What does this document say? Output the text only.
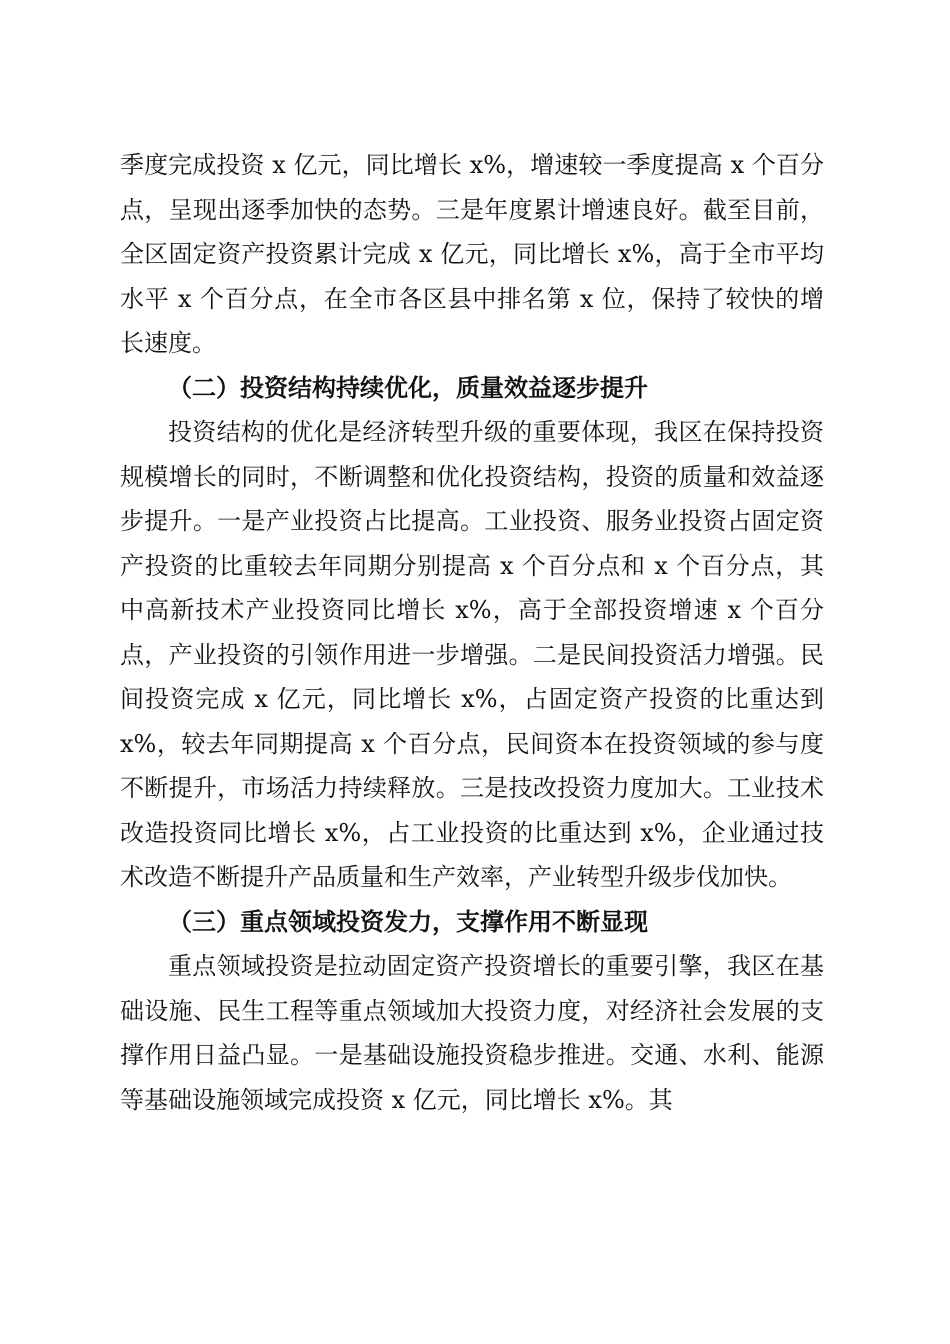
季度完成投资 x 亿元，同比增长 x%，增速较一季度提高 x 个百分点，呈现出逐季加快的态势。三是年度累计增速良好。截至目前，全区固定资产投资累计完成 x 亿元，同比增长 x%，高于全市平均水平 x 个百分点，在全市各区县中排名第 x 位，保持了较快的增长速度。

（二）投资结构持续优化，质量效益逐步提升

投资结构的优化是经济转型升级的重要体现，我区在保持投资规模增长的同时，不断调整和优化投资结构，投资的质量和效益逐步提升。一是产业投资占比提高。工业投资、服务业投资占固定资产投资的比重较去年同期分别提高 x 个百分点和 x 个百分点，其中高新技术产业投资同比增长 x%，高于全部投资增速 x 个百分点，产业投资的引领作用进一步增强。二是民间投资活力增强。民间投资完成 x 亿元，同比增长 x%，占固定资产投资的比重达到 x%，较去年同期提高 x 个百分点，民间资本在投资领域的参与度不断提升，市场活力持续释放。三是技改投资力度加大。工业技术改造投资同比增长 x%，占工业投资的比重达到 x%，企业通过技术改造不断提升产品质量和生产效率，产业转型升级步伐加快。

（三）重点领域投资发力，支撑作用不断显现

重点领域投资是拉动固定资产投资增长的重要引擎，我区在基础设施、民生工程等重点领域加大投资力度，对经济社会发展的支撑作用日益凸显。一是基础设施投资稳步推进。交通、水利、能源等基础设施领域完成投资 x 亿元，同比增长 x%。其
